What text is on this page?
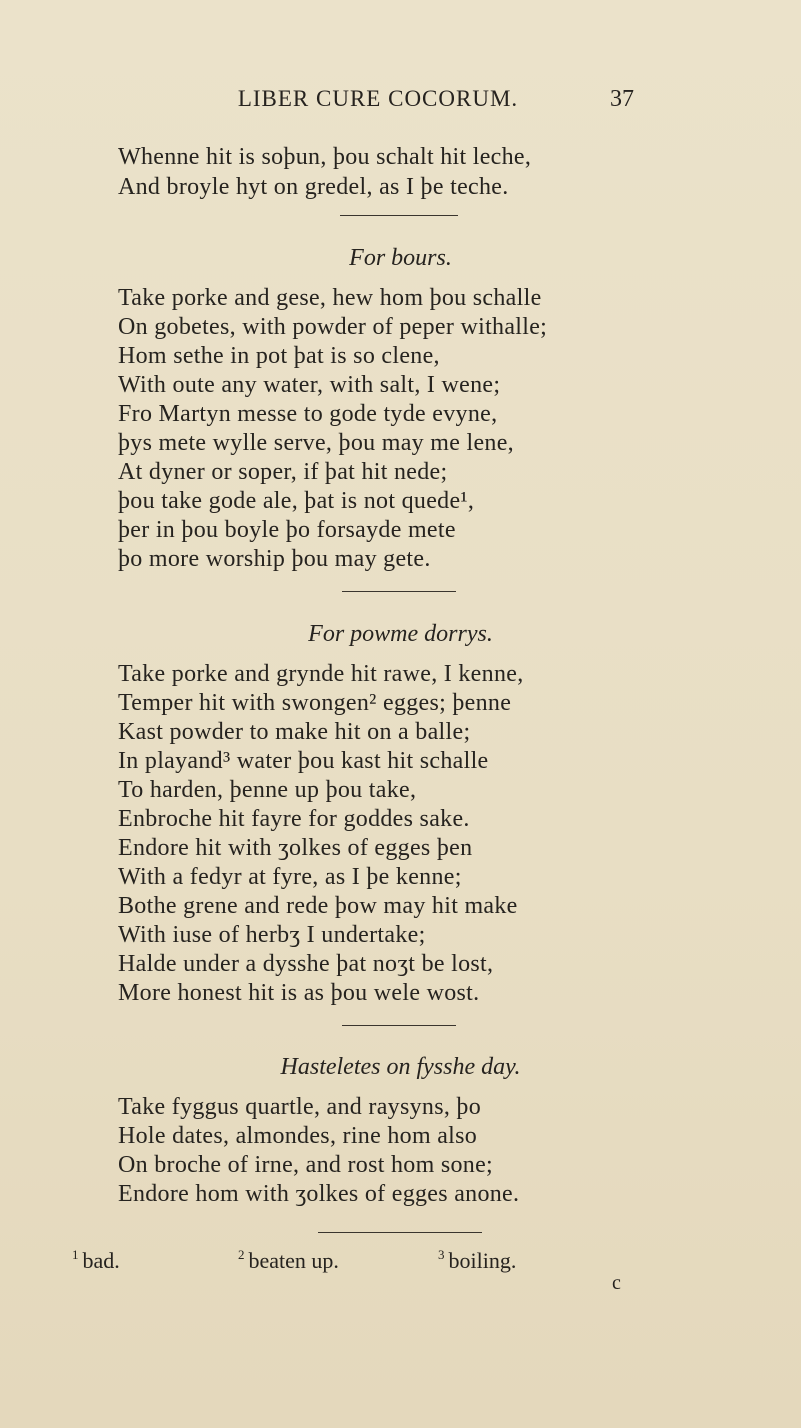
LIBER CURE COCORUM.	37
Whenne hit is soþun, þou schalt hit leche,
And broyle hyt on gredel, as I þe teche.
For bours.
Take porke and gese, hew hom þou schalle
On gobetes, with powder of peper withalle;
Hom sethe in pot þat is so clene,
With oute any water, with salt, I wene;
Fro Martyn messe to gode tyde evyne,
þys mete wylle serve, þou may me lene,
At dyner or soper, if þat hit nede;
þou take gode ale, þat is not quede¹,
þer in þou boyle þo forsayde mete
þo more worship þou may gete.
For powme dorrys.
Take porke and grynde hit rawe, I kenne,
Temper hit with swongen² egges; þenne
Kast powder to make hit on a balle;
In playand³ water þou kast hit schalle
To harden, þenne up þou take,
Enbroche hit fayre for goddes sake.
Endore hit with ʒolkes of egges þen
With a fedyr at fyre, as I þe kenne;
Bothe grene and rede þow may hit make
With iuse of herbʒ I undertake;
Halde under a dysshe þat noʒt be lost,
More honest hit is as þou wele wost.
Hasteletes on fysshe day.
Take fyggus quartle, and raysyns, þo
Hole dates, almondes, rine hom also
On broche of irne, and rost hom sone;
Endore hom with ʒolkes of egges anone.
$^1$ bad.	$^2$ beaten up.	$^3$ boiling.
c
